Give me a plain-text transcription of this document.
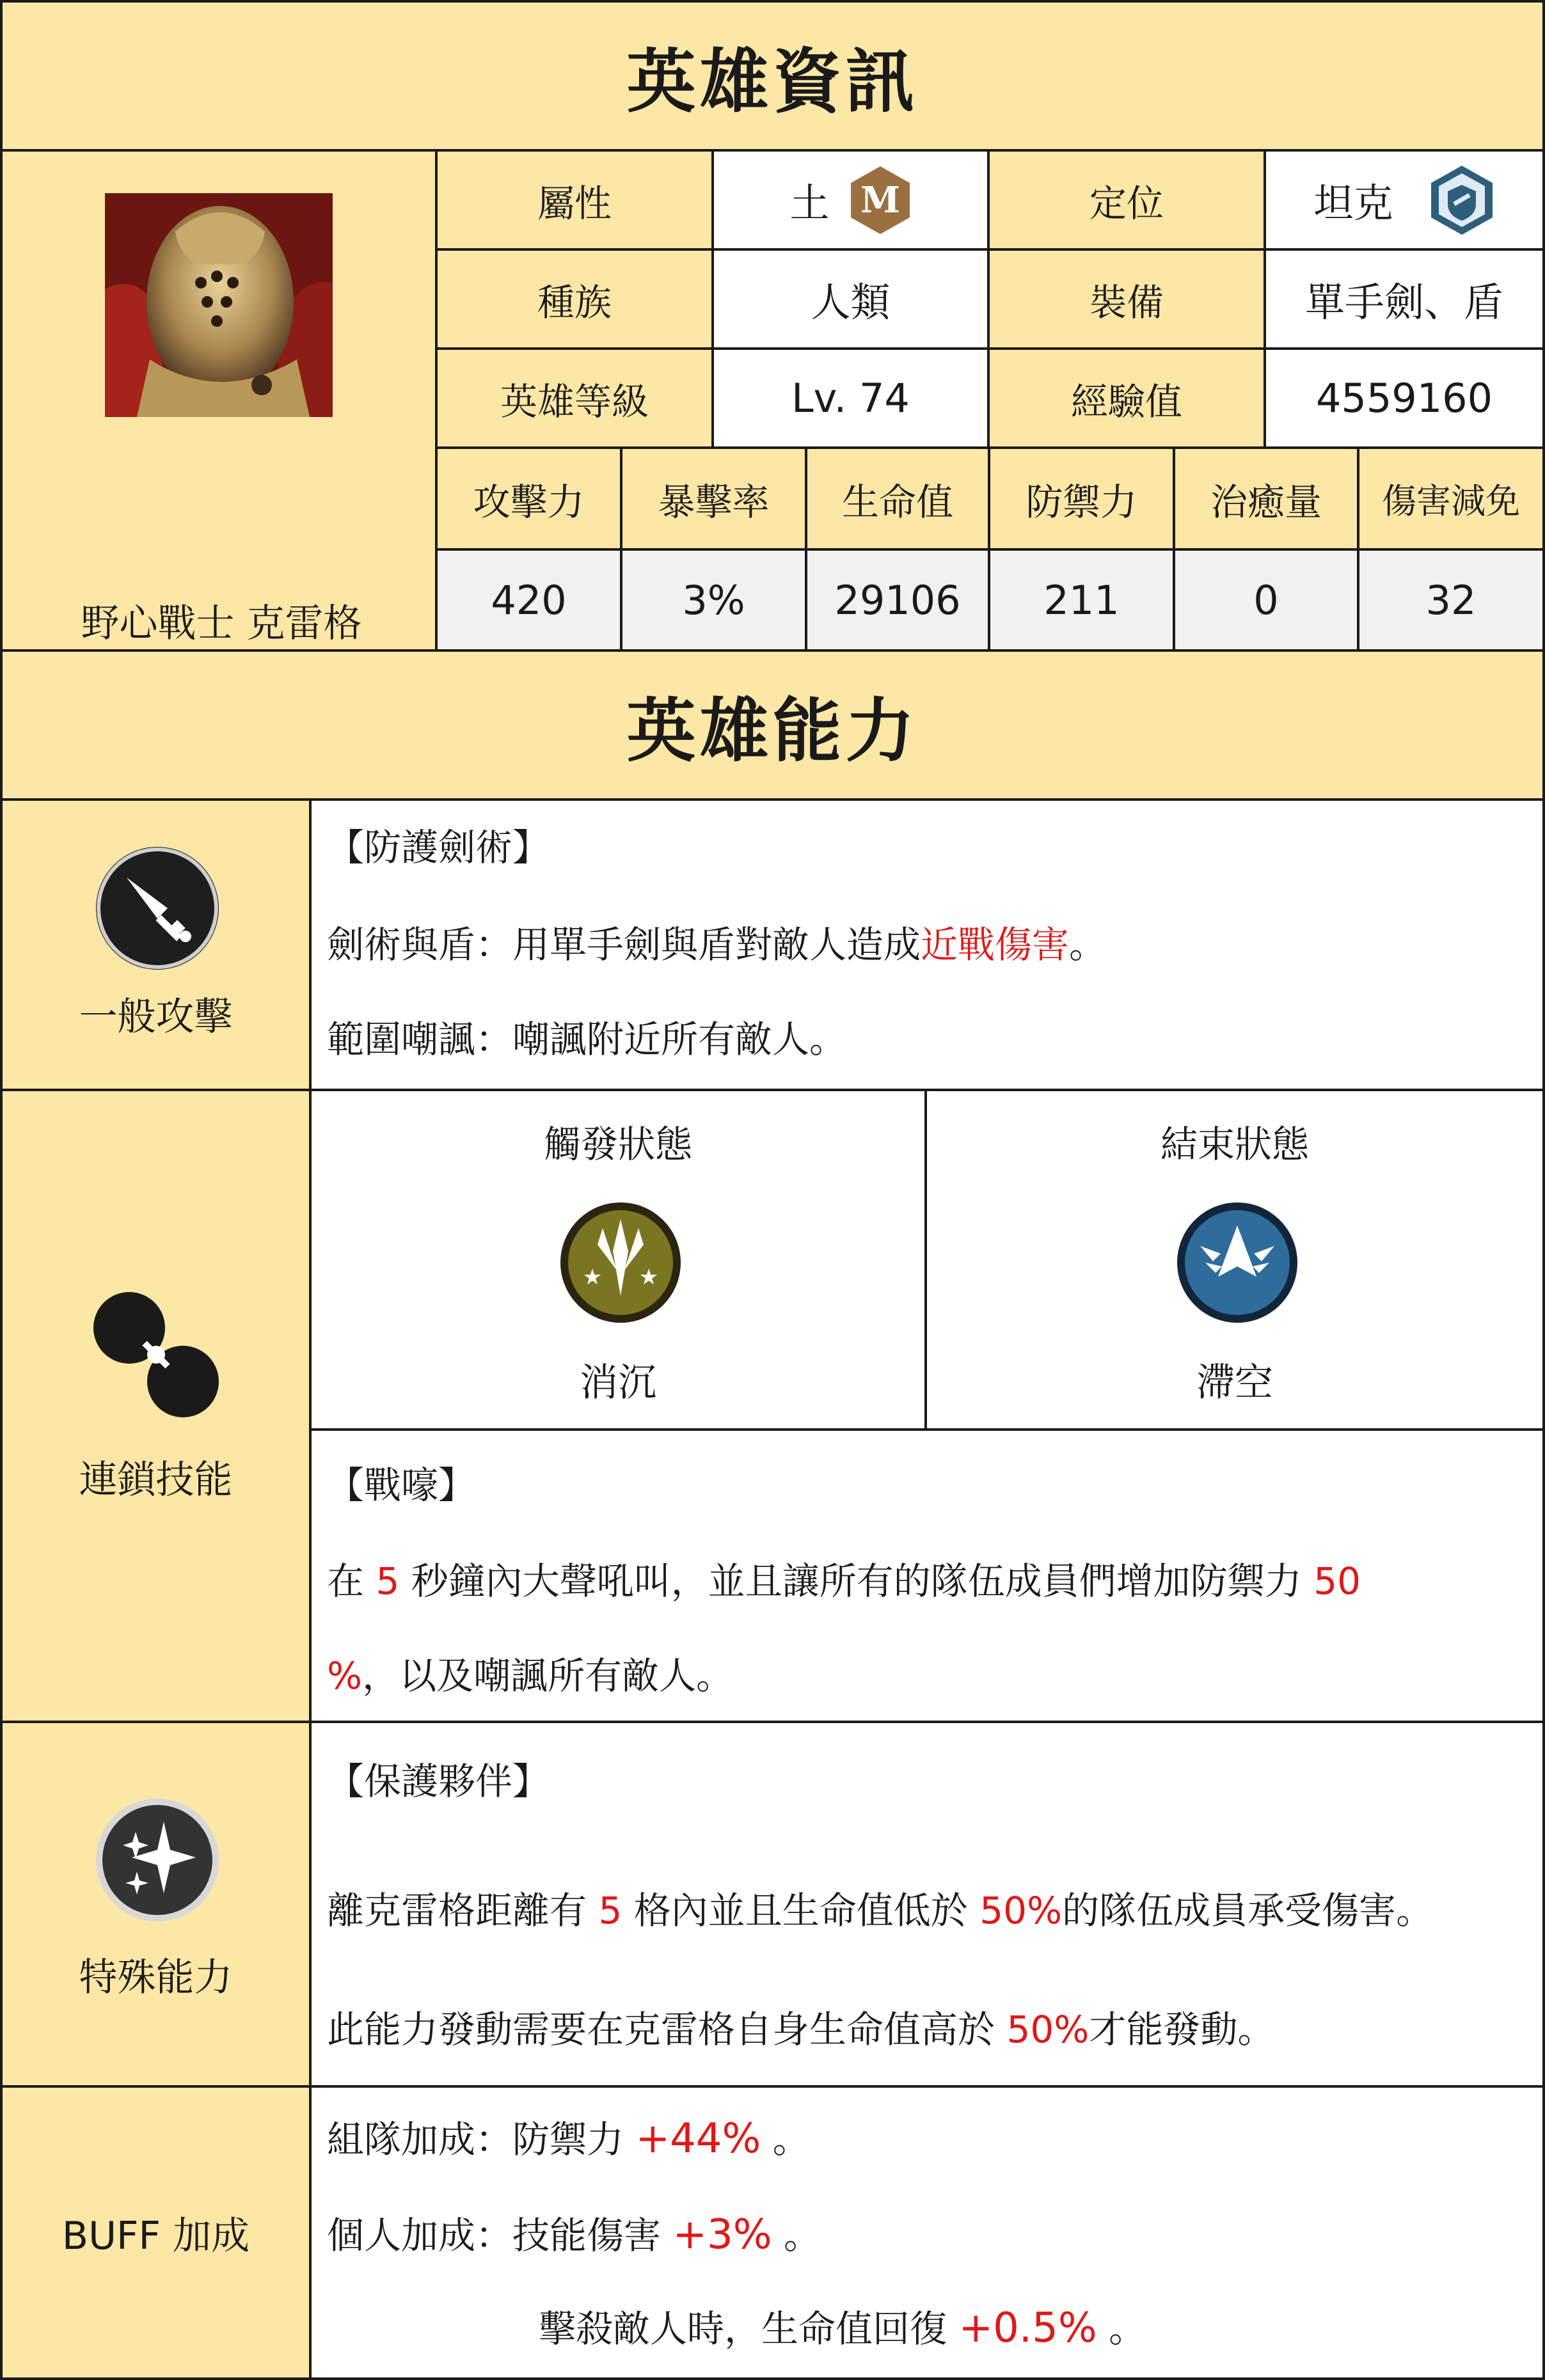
英雄資訊
野心戰士 克雷格
屬性	土 M	定位	坦克
種族	人類	裝備	單手劍、盾
英雄等級	Lv. 74	經驗值	4559160
攻擊力	暴擊率	生命值	防禦力	治癒量	傷害減免
420	3%	29106	211	0	32
英雄能力
一般攻擊
【防護劍術】
劍術與盾：用單手劍與盾對敵人造成近戰傷害。
範圍嘲諷：嘲諷附近所有敵人。
連鎖技能
觸發狀態
★ ★
消沉
結束狀態
滯空
【戰嚎】
在 5 秒鐘內大聲吼叫，並且讓所有的隊伍成員們增加防禦力 50
%，以及嘲諷所有敵人。
特殊能力
【保護夥伴】
離克雷格距離有 5 格內並且生命值低於 50%的隊伍成員承受傷害。
此能力發動需要在克雷格自身生命值高於 50%才能發動。
BUFF 加成
組隊加成：防禦力 +44% 。
個人加成：技能傷害 +3% 。
擊殺敵人時，生命值回復 +0.5% 。
